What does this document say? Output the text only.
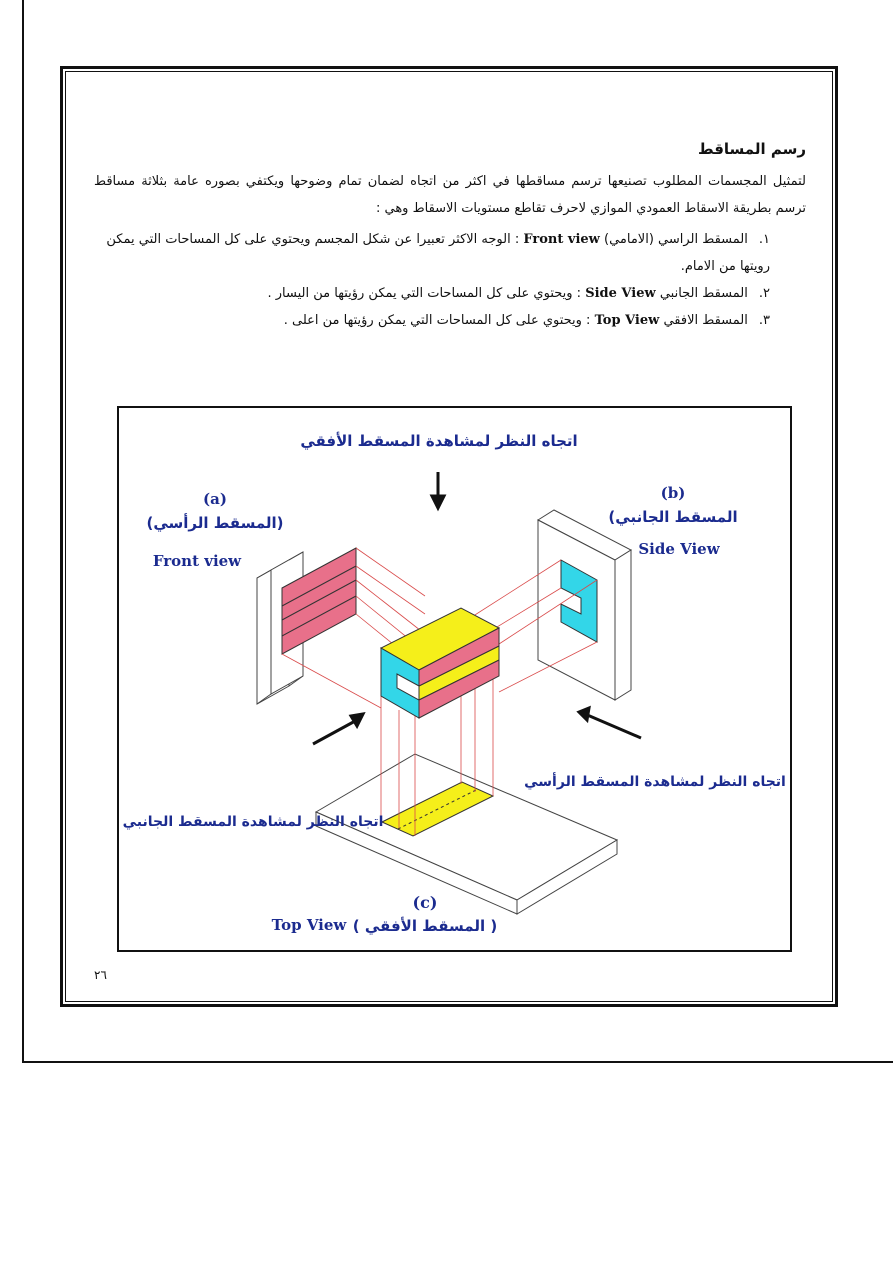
رسم المساقط

لتمثيل المجسمات المطلوب تصنيعها ترسم مساقطها في اكثر من اتجاه لضمان تمام وضوحها ويكتفي بصوره عامة بثلاثة مساقط ترسم بطريقة الاسقاط العمودي الموازي لاحرف تقاطع مستويات الاسقاط وهي :

١. المسقط الراسي (الامامي) Front view : الوجه الاكثر تعبيرا عن شكل المجسم ويحتوي على كل المساحات التي يمكن رويتها من الامام.
٢. المسقط الجانبي Side View : ويحتوي على كل المساحات التي يمكن رؤيتها من اليسار .
٣. المسقط الافقي Top View : ويحتوي على كل المساحات التي يمكن رؤيتها من اعلى .
اتجاه النظر لمشاهدة المسقط الأفقي
(a)
(المسقط الرأسي)
Front view
(b)
(المسقط الجانبي
Side View
اتجاه النظر لمشاهدة المسقط الرأسي
اتجاه النظر لمشاهدة المسقط الجانبي
(c)
( المسقط الأفقي )
Top View
٢٦
